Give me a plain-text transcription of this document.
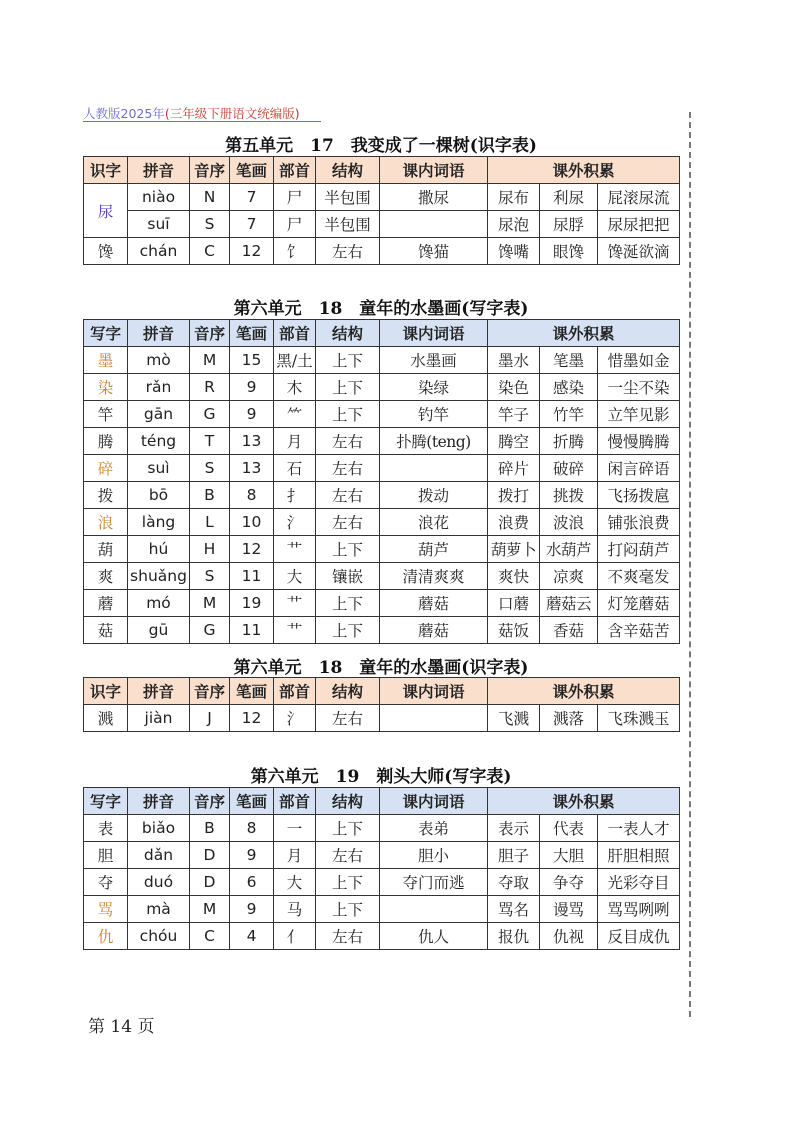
人教版2025年(三年级下册语文统编版)
第五单元　17　我变成了一棵树(识字表)
识字	拼音	音序	笔画	部首	结构	课内词语	课外积累		
尿	niào	N	7	尸	半包围	撒尿	尿布	利尿	屁滚尿流
	suī	S	7	尸	半包围		尿泡	尿脬	尿尿把把
馋	chán	C	12	饣	左右	馋猫	馋嘴	眼馋	馋涎欲滴
第六单元　18　童年的水墨画(写字表)
写字	拼音	音序	笔画	部首	结构	课内词语	课外积累		
墨	mò	M	15	黑/土	上下	水墨画	墨水	笔墨	惜墨如金
染	rǎn	R	9	木	上下	染绿	染色	感染	一尘不染
竿	gān	G	9	⺮	上下	钓竿	竿子	竹竿	立竿见影
腾	téng	T	13	月	左右	扑腾(teng)	腾空	折腾	慢慢腾腾
碎	suì	S	13	石	左右		碎片	破碎	闲言碎语
拨	bō	B	8	扌	左右	拨动	拨打	挑拨	飞扬拨扈
浪	làng	L	10	氵	左右	浪花	浪费	波浪	铺张浪费
葫	hú	H	12	艹	上下	葫芦	葫萝卜	水葫芦	打闷葫芦
爽	shuǎng	S	11	大	镶嵌	清清爽爽	爽快	凉爽	不爽毫发
蘑	mó	M	19	艹	上下	蘑菇	口蘑	蘑菇云	灯笼蘑菇
菇	gū	G	11	艹	上下	蘑菇	菇饭	香菇	含辛菇苦
第六单元　18　童年的水墨画(识字表)
识字	拼音	音序	笔画	部首	结构	课内词语	课外积累		
溅	jiàn	J	12	氵	左右		飞溅	溅落	飞珠溅玉
第六单元　19　剃头大师(写字表)
写字	拼音	音序	笔画	部首	结构	课内词语	课外积累		
表	biǎo	B	8	一	上下	表弟	表示	代表	一表人才
胆	dǎn	D	9	月	左右	胆小	胆子	大胆	肝胆相照
夺	duó	D	6	大	上下	夺门而逃	夺取	争夺	光彩夺目
骂	mà	M	9	马	上下		骂名	谩骂	骂骂咧咧
仇	chóu	C	4	亻	左右	仇人	报仇	仇视	反目成仇
第 14 页
